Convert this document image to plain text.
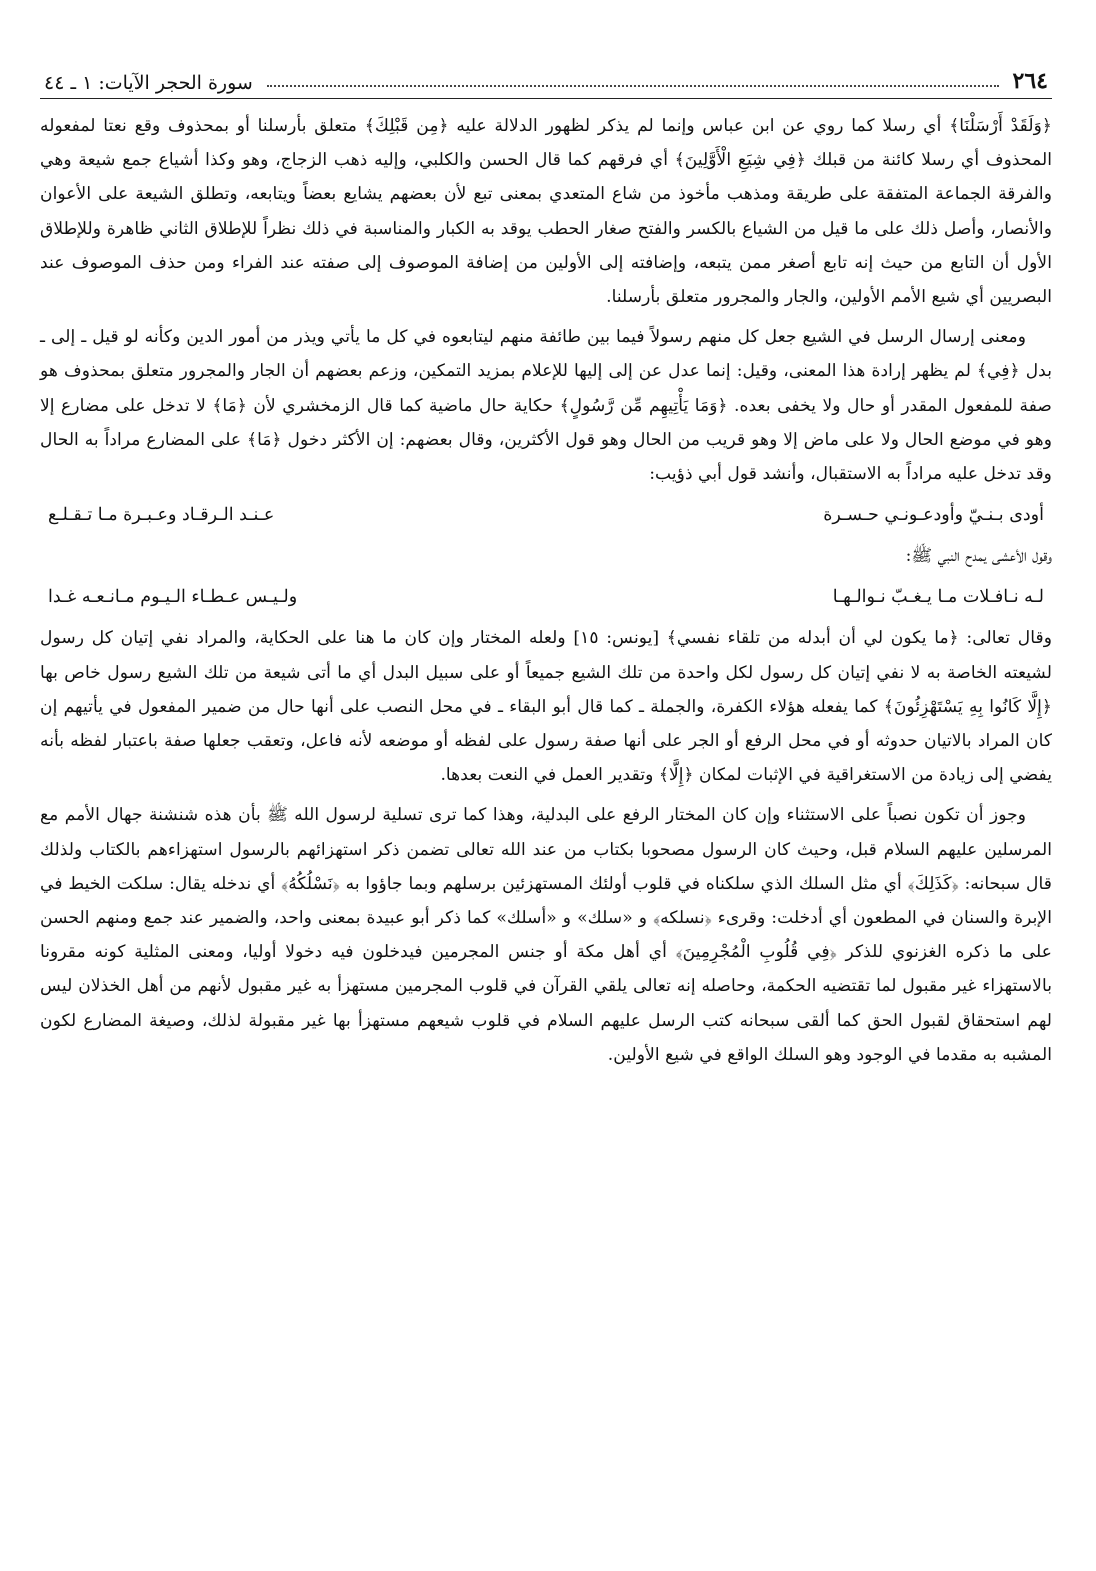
٢٦٤
سورة الحجر الآيات: ١ ـ ٤٤

﴿وَلَقَدْ أَرْسَلْنَا﴾ أي رسلا كما روي عن ابن عباس وإنما لم يذكر لظهور الدلالة عليه ﴿مِن قَبْلِكَ﴾ متعلق بأرسلنا أو بمحذوف وقع نعتا لمفعوله المحذوف أي رسلا كائنة من قبلك ﴿فِي شِيَعِ الْأَوَّلِينَ﴾ أي فرقهم كما قال الحسن والكلبي، وإليه ذهب الزجاج، وهو وكذا أشياع جمع شيعة وهي والفرقة الجماعة المتفقة على طريقة ومذهب مأخوذ من شاع المتعدي بمعنى تبع لأن بعضهم يشايع بعضاً ويتابعه، وتطلق الشيعة على الأعوان والأنصار، وأصل ذلك على ما قيل من الشياع بالكسر والفتح صغار الحطب يوقد به الكبار والمناسبة في ذلك نظراً للإطلاق الثاني ظاهرة وللإطلاق الأول أن التابع من حيث إنه تابع أصغر ممن يتبعه، وإضافته إلى الأولين من إضافة الموصوف إلى صفته عند الفراء ومن حذف الموصوف عند البصريين أي شيع الأمم الأولين، والجار والمجرور متعلق بأرسلنا.

ومعنى إرسال الرسل في الشيع جعل كل منهم رسولاً فيما بين طائفة منهم ليتابعوه في كل ما يأتي ويذر من أمور الدين وكأنه لو قيل ـ إلى ـ بدل ﴿فِي﴾ لم يظهر إرادة هذا المعنى، وقيل: إنما عدل عن إلى إليها للإعلام بمزيد التمكين، وزعم بعضهم أن الجار والمجرور متعلق بمحذوف هو صفة للمفعول المقدر أو حال ولا يخفى بعده. ﴿وَمَا يَأْتِيهِم مِّن رَّسُولٍ﴾ حكاية حال ماضية كما قال الزمخشري لأن ﴿مَا﴾ لا تدخل على مضارع إلا وهو في موضع الحال ولا على ماض إلا وهو قريب من الحال وهو قول الأكثرين، وقال بعضهم: إن الأكثر دخول ﴿مَا﴾ على المضارع مراداً به الحال وقد تدخل عليه مراداً به الاستقبال، وأنشد قول أبي ذؤيب:

أودى بـنـيّ وأودعـونـي حـسـرة
عـنـد الـرقـاد وعـبـرة مـا تـقـلـع
وقول الأعشى يمدح النبي ﷺ:
لـه نـافـلات مـا يـغـبّ نـوالـهـا
ولـيـس عـطـاء الـيـوم مـانـعـه غـدا

وقال تعالى: ﴿ما يكون لي أن أبدله من تلقاء نفسي﴾ [يونس: ١٥] ولعله المختار وإن كان ما هنا على الحكاية، والمراد نفي إتيان كل رسول لشيعته الخاصة به لا نفي إتيان كل رسول لكل واحدة من تلك الشيع جميعاً أو على سبيل البدل أي ما أتى شيعة من تلك الشيع رسول خاص بها ﴿إِلَّا كَانُوا بِهِ يَسْتَهْزِئُونَ﴾ كما يفعله هؤلاء الكفرة، والجملة ـ كما قال أبو البقاء ـ في محل النصب على أنها حال من ضمير المفعول في يأتيهم إن كان المراد بالاتيان حدوثه أو في محل الرفع أو الجر على أنها صفة رسول على لفظه أو موضعه لأنه فاعل، وتعقب جعلها صفة باعتبار لفظه بأنه يفضي إلى زيادة من الاستغراقية في الإثبات لمكان ﴿إِلَّا﴾ وتقدير العمل في النعت بعدها.

وجوز أن تكون نصباً على الاستثناء وإن كان المختار الرفع على البدلية، وهذا كما ترى تسلية لرسول الله ﷺ بأن هذه شنشنة جهال الأمم مع المرسلين عليهم السلام قبل، وحيث كان الرسول مصحوبا بكتاب من عند الله تعالى تضمن ذكر استهزائهم بالرسول استهزاءهم بالكتاب ولذلك قال سبحانه: ﴿كَذَلِكَ﴾ أي مثل السلك الذي سلكناه في قلوب أولئك المستهزئين برسلهم وبما جاؤوا به ﴿نَسْلُكُهُ﴾ أي ندخله يقال: سلكت الخيط في الإبرة والسنان في المطعون أي أدخلت: وقرىء ﴿نسلكه﴾ و «سلك» و «أسلك» كما ذكر أبو عبيدة بمعنى واحد، والضمير عند جمع ومنهم الحسن على ما ذكره الغزنوي للذكر ﴿فِي قُلُوبِ الْمُجْرِمِينَ﴾ أي أهل مكة أو جنس المجرمين فيدخلون فيه دخولا أوليا، ومعنى المثلية كونه مقرونا بالاستهزاء غير مقبول لما تقتضيه الحكمة، وحاصله إنه تعالى يلقي القرآن في قلوب المجرمين مستهزأ به غير مقبول لأنهم من أهل الخذلان ليس لهم استحقاق لقبول الحق كما ألقى سبحانه كتب الرسل عليهم السلام في قلوب شيعهم مستهزأ بها غير مقبولة لذلك، وصيغة المضارع لكون المشبه به مقدما في الوجود وهو السلك الواقع في شيع الأولين.
